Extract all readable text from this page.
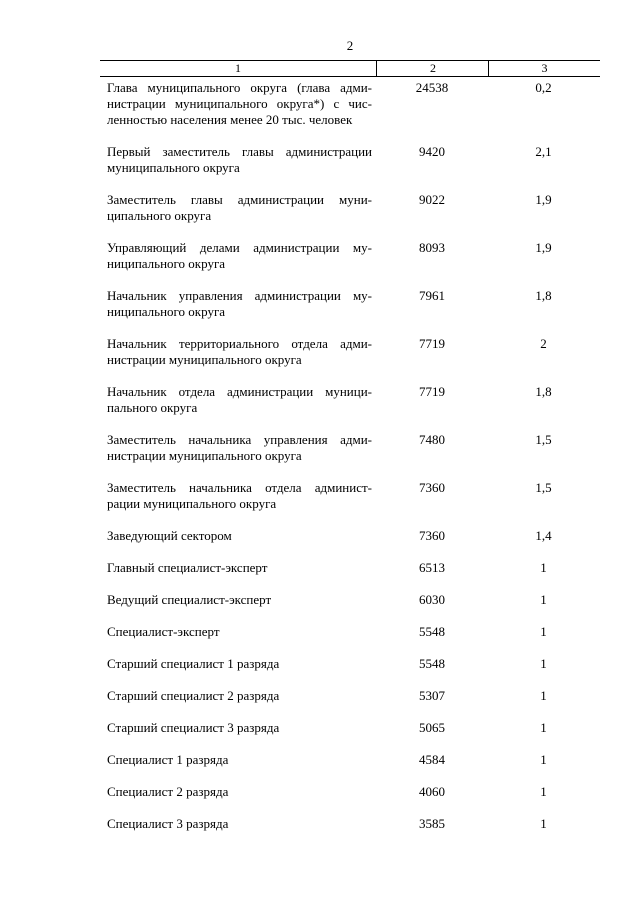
2
1	2	3
Глава муниципального округа (глава адми-
нистрации муниципального округа*) с чис-
ленностью населения менее 20 тыс. человек
24538	0,2
Первый заместитель главы администрации
муниципального округа
9420	2,1
Заместитель главы администрации муни-
ципального округа
9022	1,9
Управляющий делами администрации му-
ниципального округа
8093	1,9
Начальник управления администрации му-
ниципального округа
7961	1,8
Начальник территориального отдела адми-
нистрации муниципального округа
7719	2
Начальник отдела администрации муници-
пального округа
7719	1,8
Заместитель начальника управления адми-
нистрации муниципального округа
7480	1,5
Заместитель начальника отдела админист-
рации муниципального округа
7360	1,5
Заведующий сектором	7360	1,4
Главный специалист-эксперт	6513	1
Ведущий специалист-эксперт	6030	1
Специалист-эксперт	5548	1
Старший специалист 1 разряда	5548	1
Старший специалист 2 разряда	5307	1
Старший специалист 3 разряда	5065	1
Специалист 1 разряда	4584	1
Специалист 2 разряда	4060	1
Специалист 3 разряда	3585	1
